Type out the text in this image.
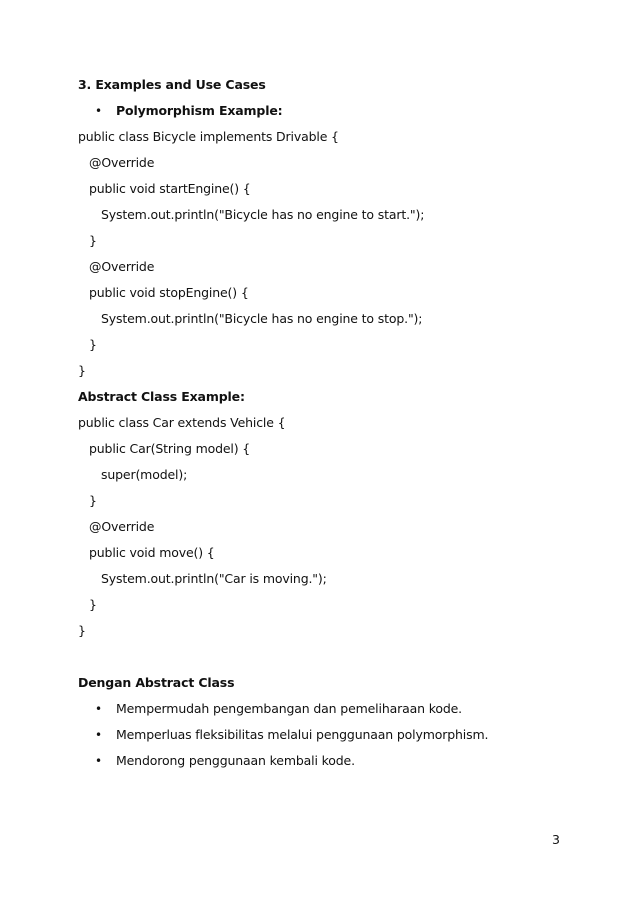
3. Examples and Use Cases
• Polymorphism Example:
public class Bicycle implements Drivable {
@Override
public void startEngine() {
System.out.println("Bicycle has no engine to start.");
}
@Override
public void stopEngine() {
System.out.println("Bicycle has no engine to stop.");
}
}
Abstract Class Example:
public class Car extends Vehicle {
public Car(String model) {
super(model);
}
@Override
public void move() {
System.out.println("Car is moving.");
}
}
Dengan Abstract Class
• Mempermudah pengembangan dan pemeliharaan kode.
• Memperluas fleksibilitas melalui penggunaan polymorphism.
• Mendorong penggunaan kembali kode.
3
